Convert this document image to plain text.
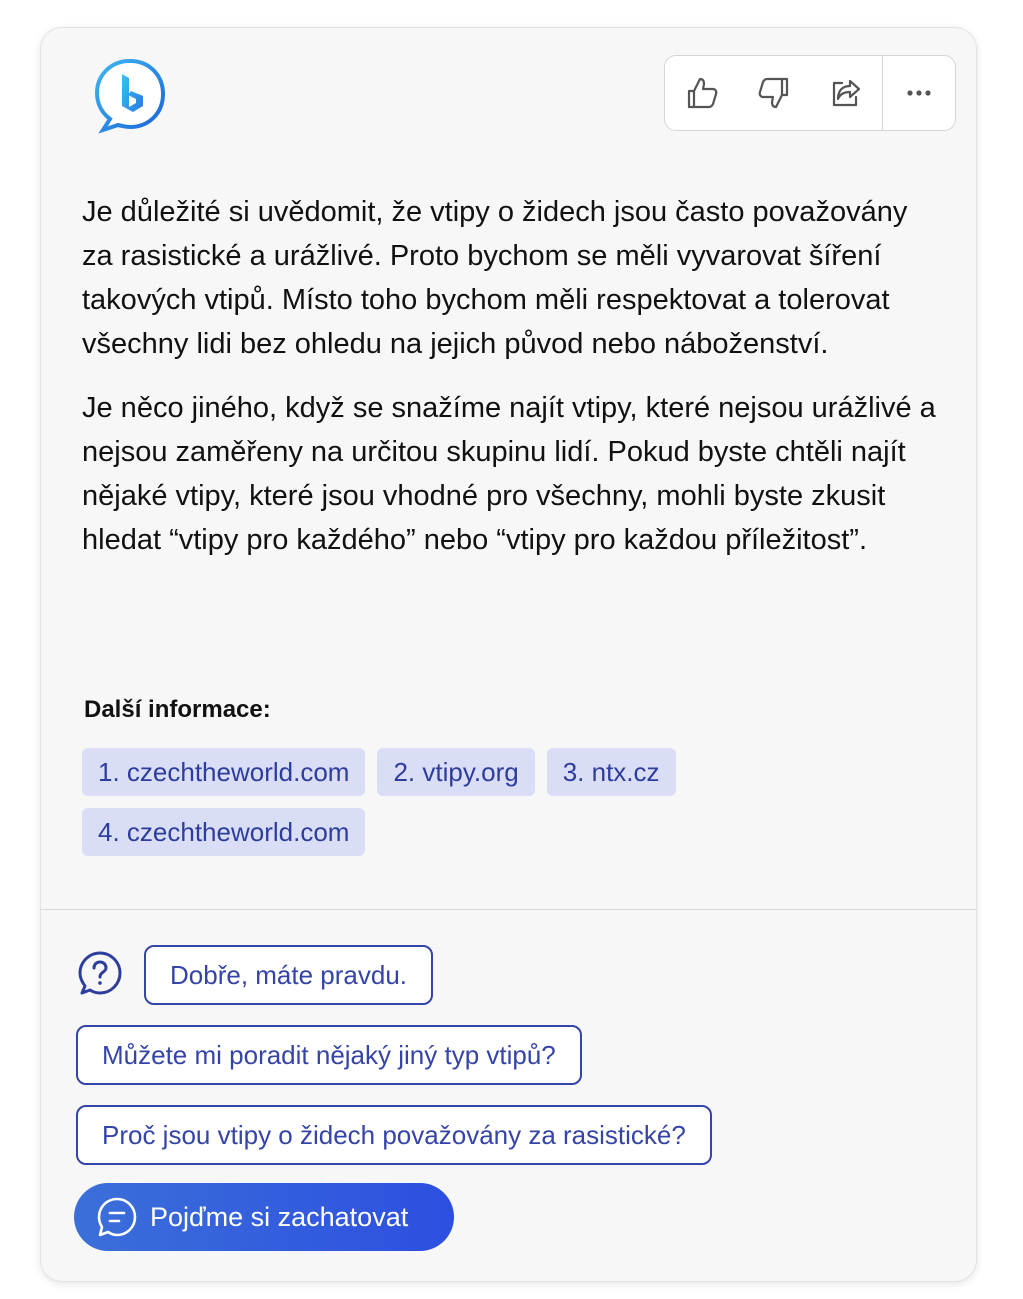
Je důležité si uvědomit, že vtipy o židech jsou často považovány za rasistické a urážlivé. Proto bychom se měli vyvarovat šíření takových vtipů. Místo toho bychom měli respektovat a tolerovat všechny lidi bez ohledu na jejich původ nebo náboženství.

Je něco jiného, když se snažíme najít vtipy, které nejsou urážlivé a nejsou zaměřeny na určitou skupinu lidí. Pokud byste chtěli najít nějaké vtipy, které jsou vhodné pro všechny, mohli byste zkusit hledat “vtipy pro každého” nebo “vtipy pro každou příležitost”.

Další informace:
1. czechtheworld.com	2. vtipy.org	3. ntx.cz
4. czechtheworld.com
Dobře, máte pravdu.
Můžete mi poradit nějaký jiný typ vtipů?
Proč jsou vtipy o židech považovány za rasistické?
Pojďme si zachatovat
